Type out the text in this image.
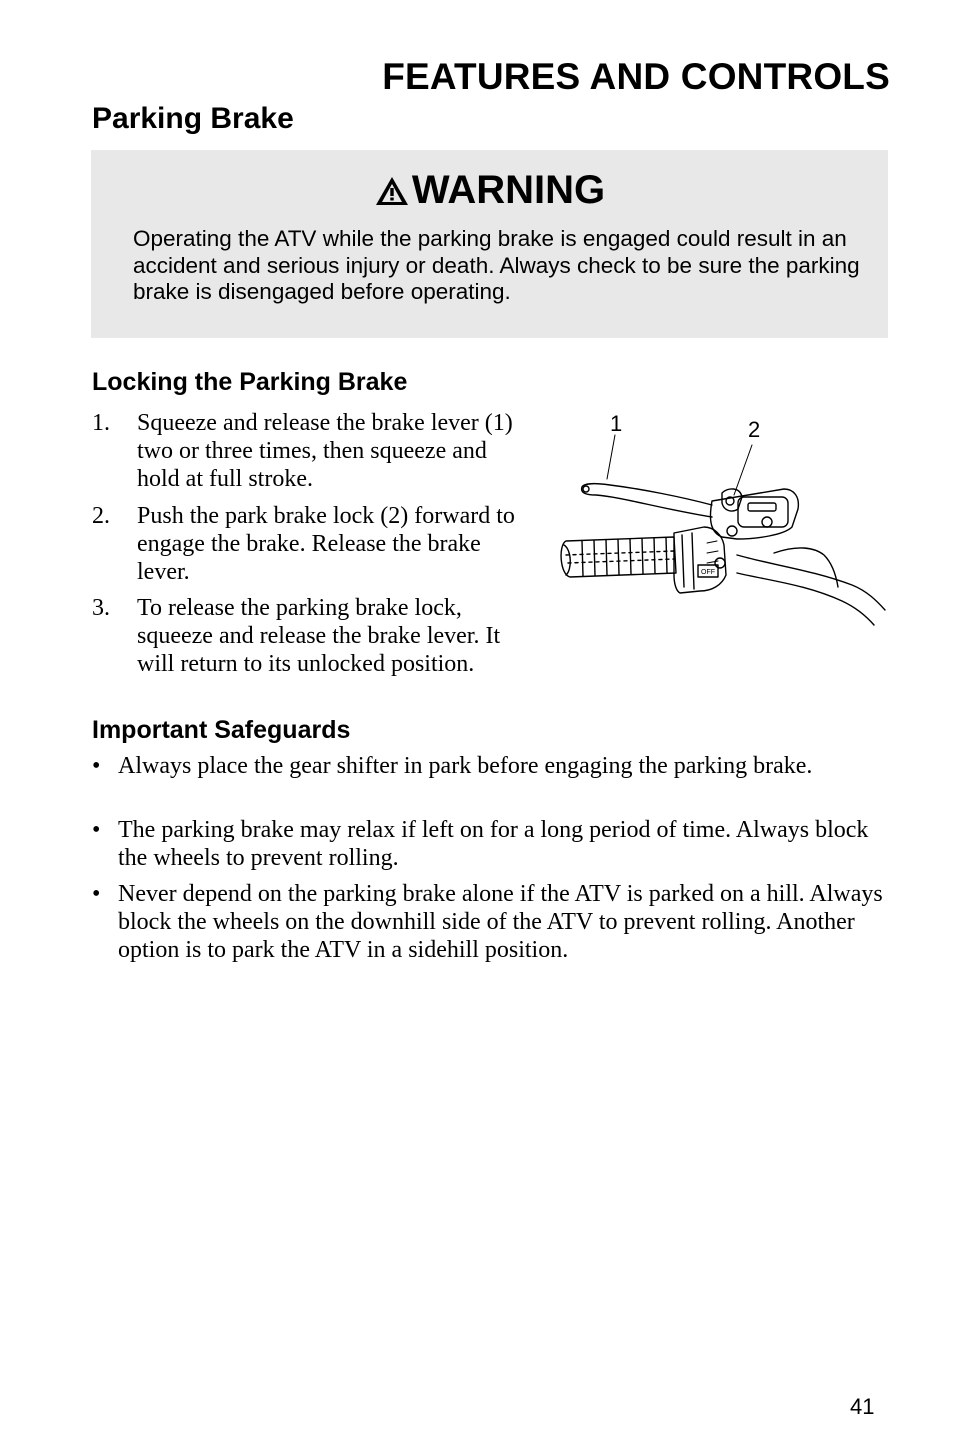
FEATURES AND CONTROLS
Parking Brake
WARNING
Operating the ATV while the parking brake is engaged could result in an accident and serious injury or death. Always check to be sure the parking brake is disengaged before operating.
Locking the Parking Brake
1. Squeeze and release the brake lever (1) two or three times, then squeeze and hold at full stroke.
2. Push the park brake lock (2) forward to engage the brake. Release the brake lever.
3. To release the parking brake lock, squeeze and release the brake lever. It will return to its unlocked position.
1	2
OFF
Important Safeguards
• Always place the gear shifter in park before engaging the parking brake.
• The parking brake may relax if left on for a long period of time. Always block the wheels to prevent rolling.
• Never depend on the parking brake alone if the ATV is parked on a hill. Always block the wheels on the downhill side of the ATV to prevent rolling. Another option is to park the ATV in a sidehill position.
41
